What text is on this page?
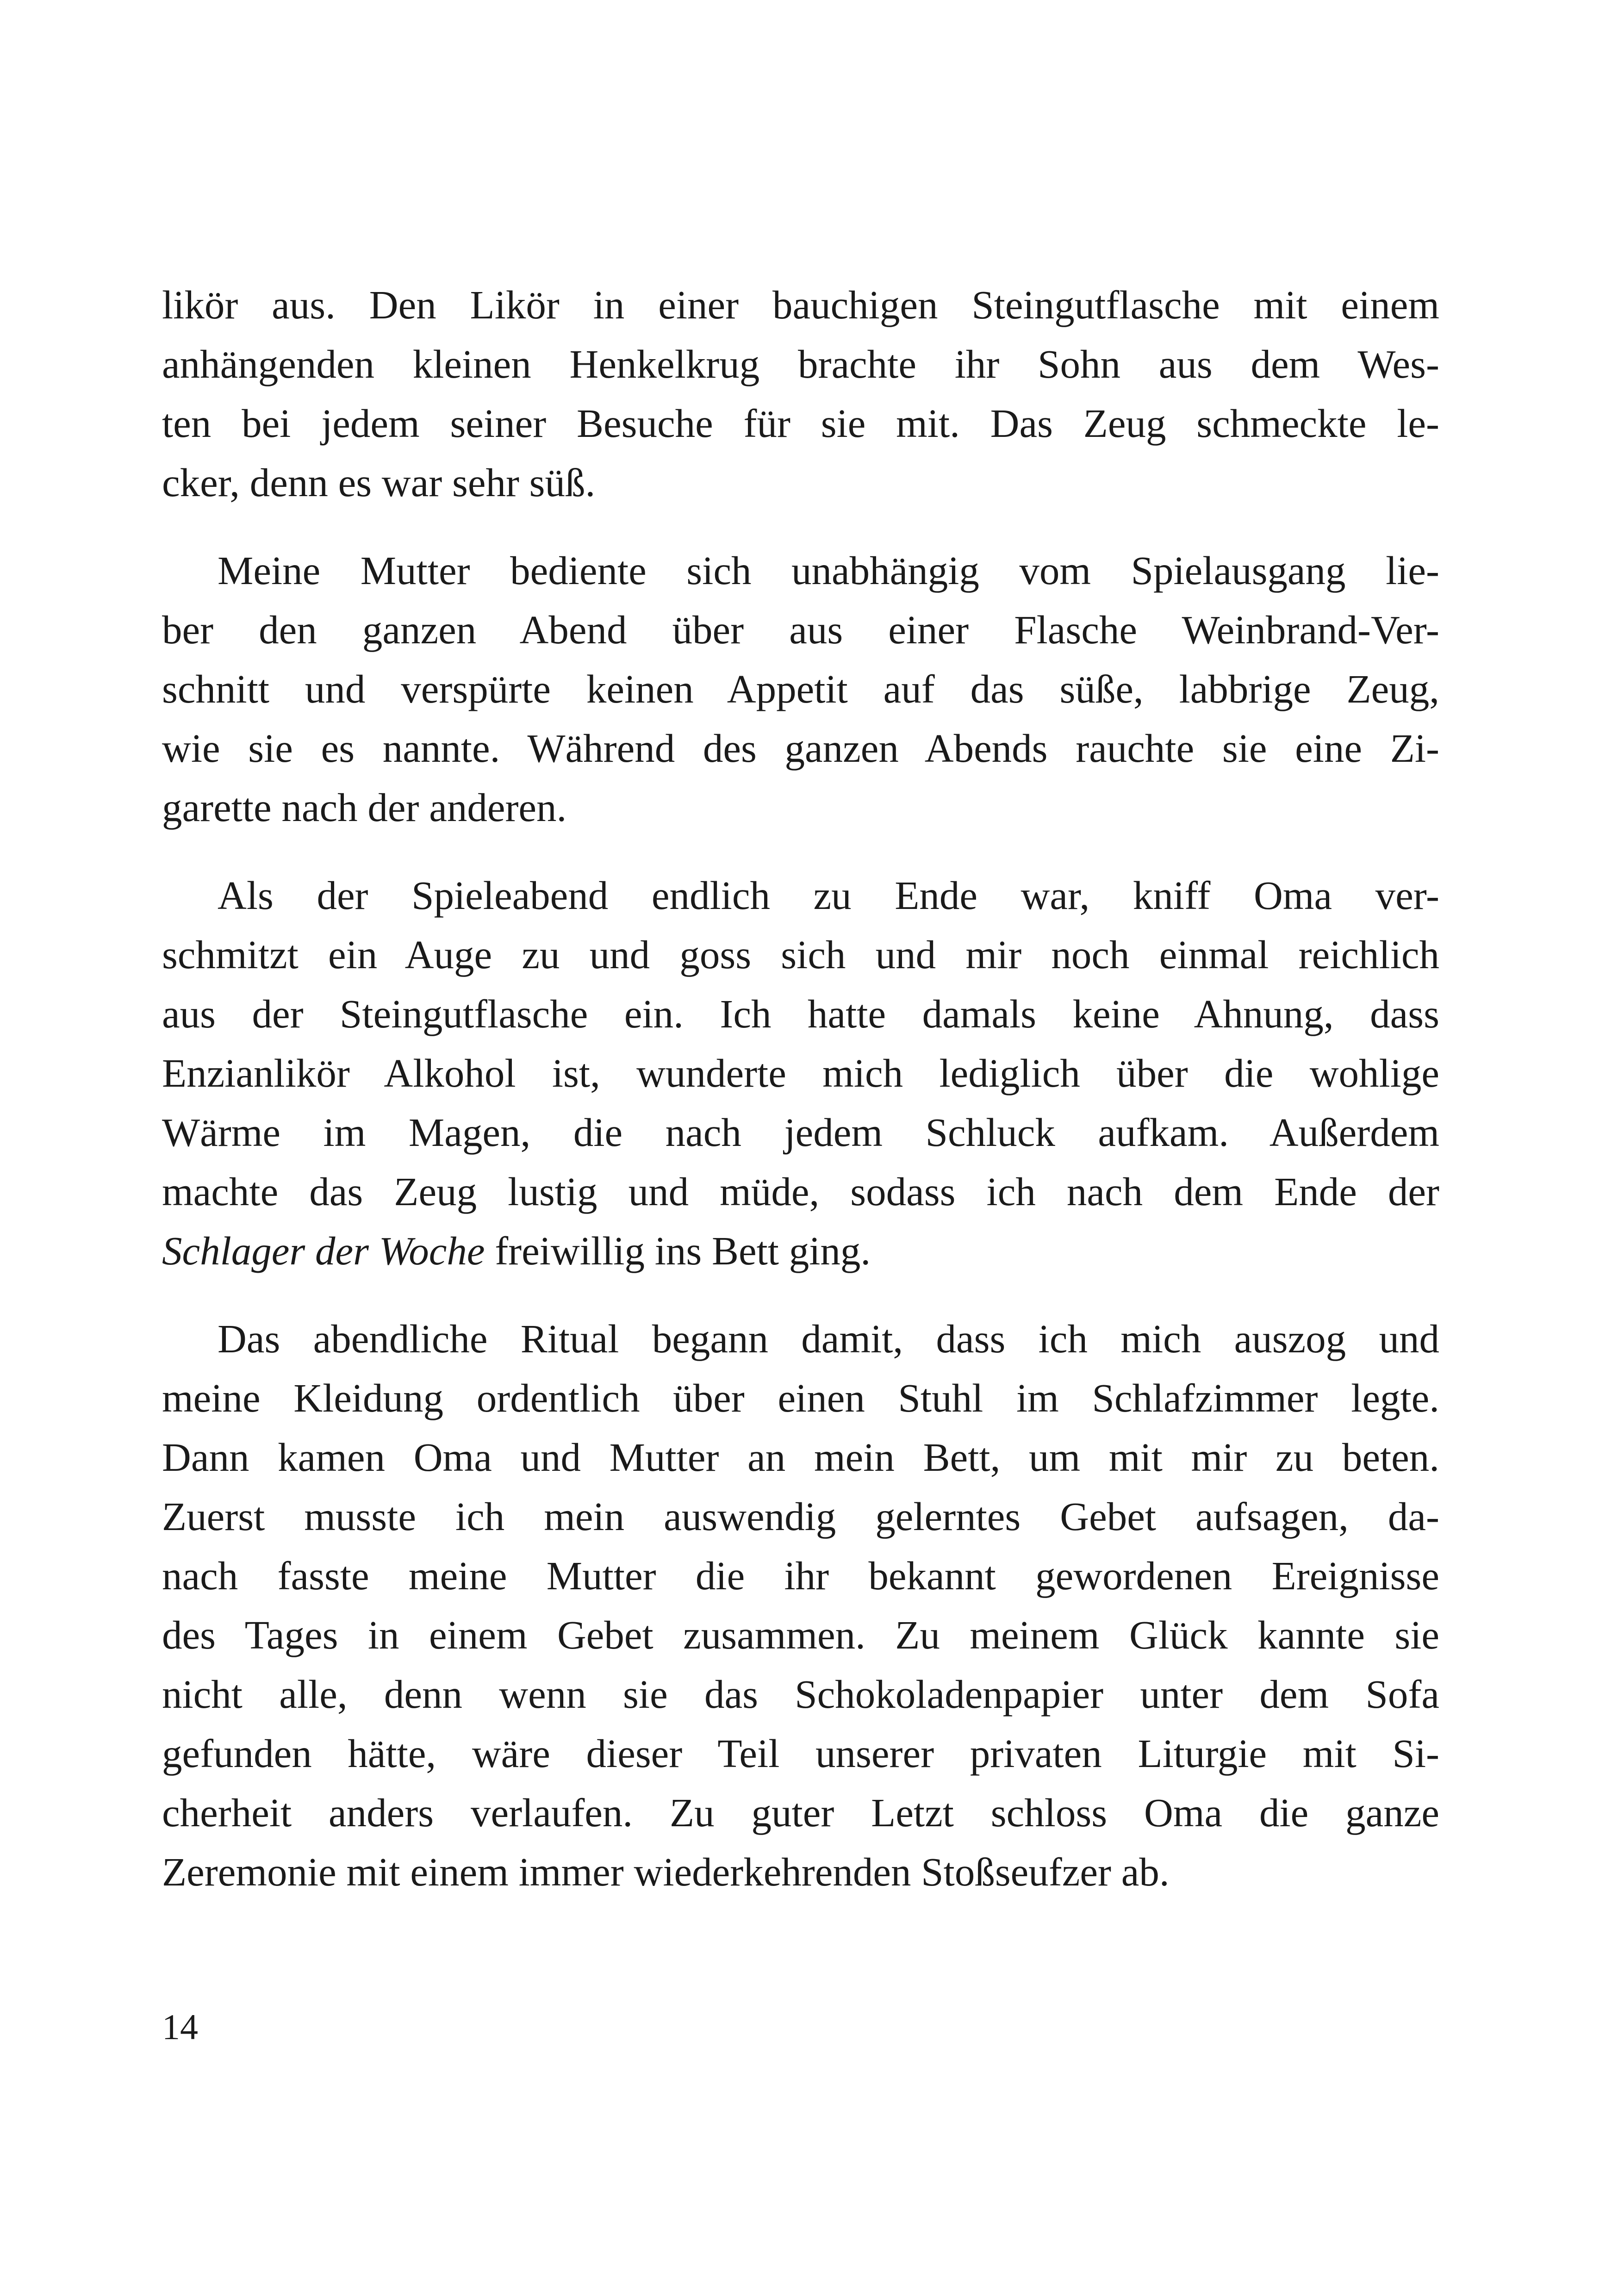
likör aus. Den Likör in einer bauchigen Steingutflasche mit einem
anhängenden kleinen Henkelkrug brachte ihr Sohn aus dem Wes-
ten bei jedem seiner Besuche für sie mit. Das Zeug schmeckte le-
cker, denn es war sehr süß.

Meine Mutter bediente sich unabhängig vom Spielausgang lie-
ber den ganzen Abend über aus einer Flasche Weinbrand-Ver-
schnitt und verspürte keinen Appetit auf das süße, labbrige Zeug,
wie sie es nannte. Während des ganzen Abends rauchte sie eine Zi-
garette nach der anderen.

Als der Spieleabend endlich zu Ende war, kniff Oma ver-
schmitzt ein Auge zu und goss sich und mir noch einmal reichlich
aus der Steingutflasche ein. Ich hatte damals keine Ahnung, dass
Enzianlikör Alkohol ist, wunderte mich lediglich über die wohlige
Wärme im Magen, die nach jedem Schluck aufkam. Außerdem
machte das Zeug lustig und müde, sodass ich nach dem Ende der
Schlager der Woche freiwillig ins Bett ging.

Das abendliche Ritual begann damit, dass ich mich auszog und
meine Kleidung ordentlich über einen Stuhl im Schlafzimmer legte.
Dann kamen Oma und Mutter an mein Bett, um mit mir zu beten.
Zuerst musste ich mein auswendig gelerntes Gebet aufsagen, da-
nach fasste meine Mutter die ihr bekannt gewordenen Ereignisse
des Tages in einem Gebet zusammen. Zu meinem Glück kannte sie
nicht alle, denn wenn sie das Schokoladenpapier unter dem Sofa
gefunden hätte, wäre dieser Teil unserer privaten Liturgie mit Si-
cherheit anders verlaufen. Zu guter Letzt schloss Oma die ganze
Zeremonie mit einem immer wiederkehrenden Stoßseufzer ab.

14
